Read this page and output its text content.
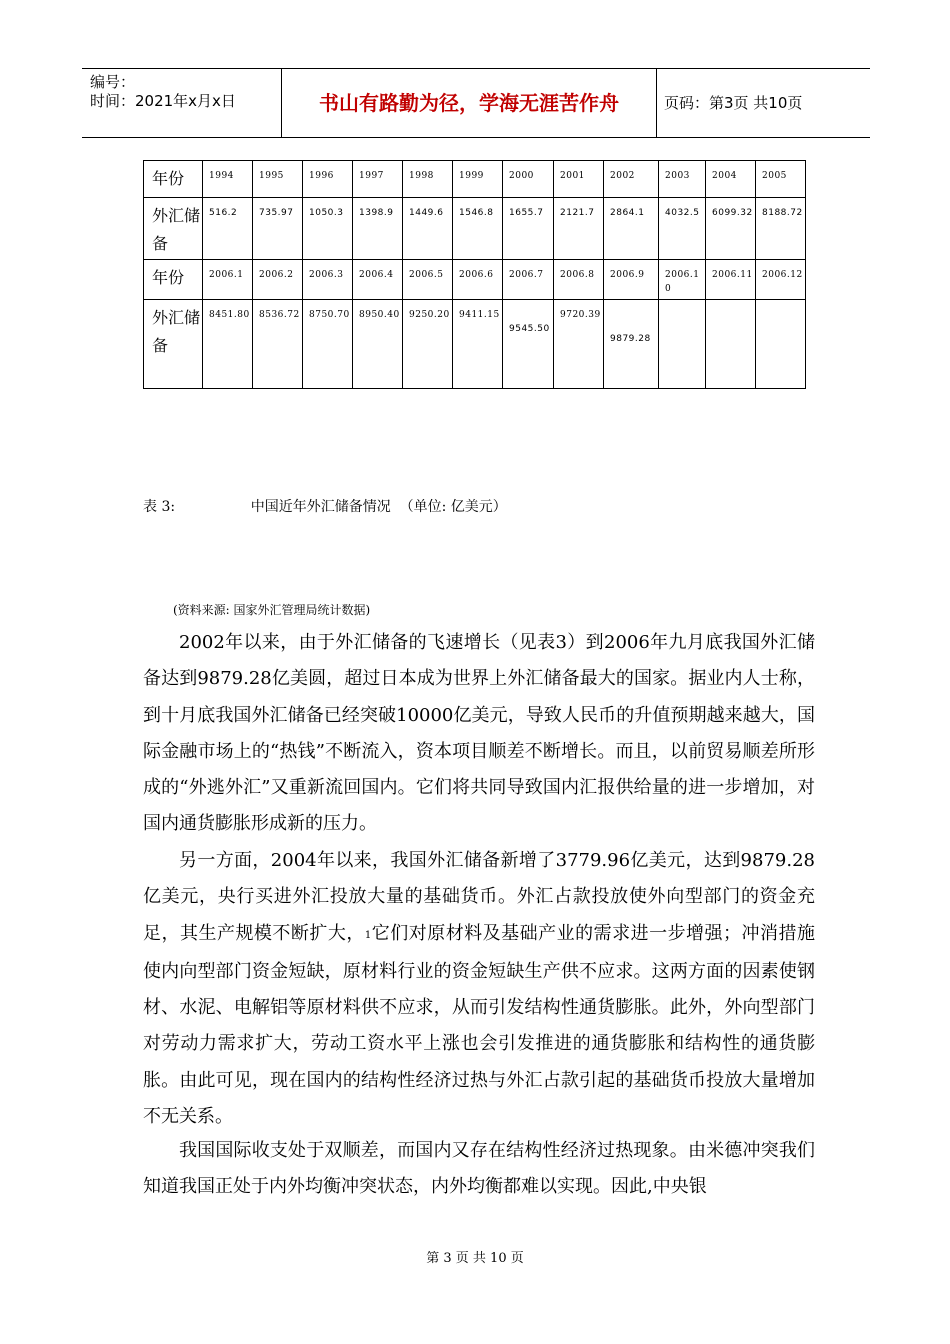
编号：
时间：2021年x月x日	书山有路勤为径，学海无涯苦作舟	页码：第3页 共10页
年份	1994	1995	1996	1997	1998	1999	2000	2001	2002	2003	2004	2005
外汇储备	516.2	735.97	1050.3	1398.9	1449.6	1546.8	1655.7	2121.7	2864.1	4032.5	6099.32	8188.72
年份	2006.1	2006.2	2006.3	2006.4	2006.5	2006.6	2006.7	2006.8	2006.9	2006.10	2006.11	2006.12
外汇储备	8451.80	8536.72	8750.70	8950.40	9250.20	9411.15	9545.50	9720.39	9879.28			
表 3:                 中国近年外汇储备情况  （单位: 亿美元）
(资料来源: 国家外汇管理局统计数据)

2002年以来，由于外汇储备的飞速增长（见表3）到2006年九月底我国外汇储备达到9879.28亿美圆，超过日本成为世界上外汇储备最大的国家。据业内人士称，到十月底我国外汇储备已经突破10000亿美元，导致人民币的升值预期越来越大，国际金融市场上的“热钱”不断流入，资本项目顺差不断增长。而且，以前贸易顺差所形成的“外逃外汇”又重新流回国内。它们将共同导致国内汇报供给量的进一步增加，对国内通货膨胀形成新的压力。

另一方面，2004年以来，我国外汇储备新增了3779.96亿美元，达到9879.28亿美元，央行买进外汇投放大量的基础货币。外汇占款投放使外向型部门的资金充足，其生产规模不断扩大，1它们对原材料及基础产业的需求进一步增强；冲消措施使内向型部门资金短缺，原材料行业的资金短缺生产供不应求。这两方面的因素使钢材、水泥、电解铝等原材料供不应求，从而引发结构性通货膨胀。此外，外向型部门对劳动力需求扩大，劳动工资水平上涨也会引发推进的通货膨胀和结构性的通货膨胀。由此可见，现在国内的结构性经济过热与外汇占款引起的基础货币投放大量增加不无关系。

我国国际收支处于双顺差，而国内又存在结构性经济过热现象。由米德冲突我们知道我国正处于内外均衡冲突状态，内外均衡都难以实现。因此,中央银

第 3 页 共 10 页
